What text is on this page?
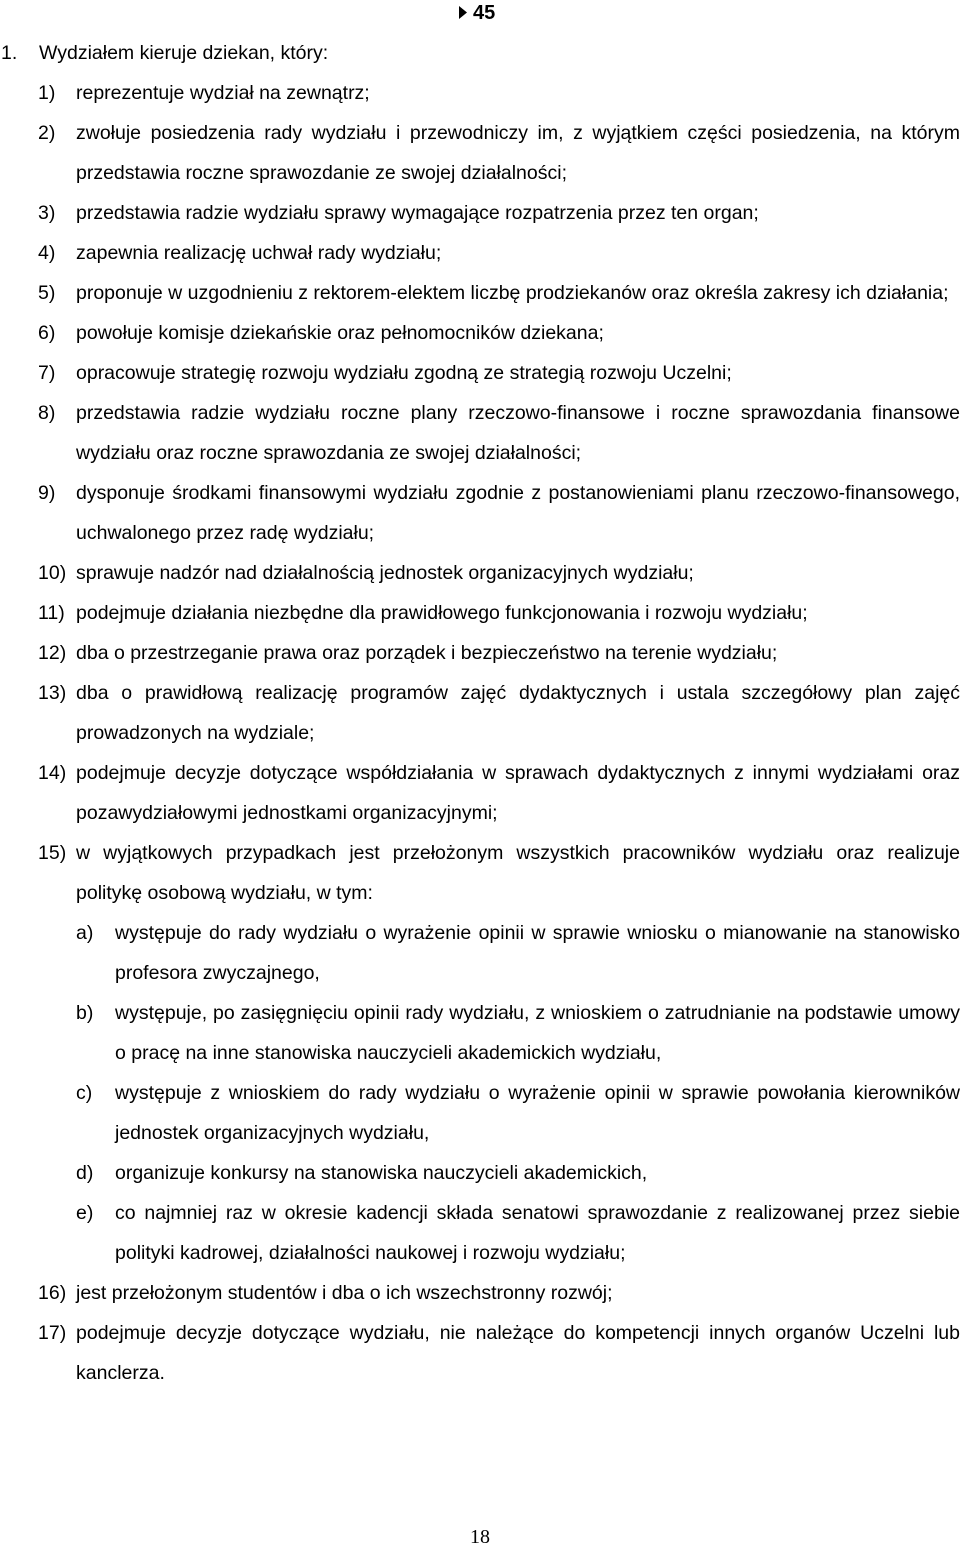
45
1. Wydziałem kieruje dziekan, który:
1) reprezentuje wydział na zewnątrz;
2) zwołuje posiedzenia rady wydziału i przewodniczy im, z wyjątkiem części posiedzenia, na którym przedstawia roczne sprawozdanie ze swojej działalności;
3) przedstawia radzie wydziału sprawy wymagające rozpatrzenia przez ten organ;
4) zapewnia realizację uchwał rady wydziału;
5) proponuje w uzgodnieniu z rektorem-elektem liczbę prodziekanów oraz określa zakresy ich działania;
6) powołuje komisje dziekańskie oraz pełnomocników dziekana;
7) opracowuje strategię rozwoju wydziału zgodną ze strategią rozwoju Uczelni;
8) przedstawia radzie wydziału roczne plany rzeczowo-finansowe i roczne sprawozdania finansowe wydziału oraz roczne sprawozdania ze swojej działalności;
9) dysponuje środkami finansowymi wydziału zgodnie z postanowieniami planu rzeczowo-finansowego, uchwalonego przez radę wydziału;
10) sprawuje nadzór nad działalnością jednostek organizacyjnych wydziału;
11) podejmuje działania niezbędne dla prawidłowego funkcjonowania i rozwoju wydziału;
12) dba o przestrzeganie prawa oraz porządek i bezpieczeństwo na terenie wydziału;
13) dba o prawidłową realizację programów zajęć dydaktycznych i ustala szczegółowy plan zajęć prowadzonych na wydziale;
14) podejmuje decyzje dotyczące współdziałania w sprawach dydaktycznych z innymi wydziałami oraz pozawydziałowymi jednostkami organizacyjnymi;
15) w wyjątkowych przypadkach jest przełożonym wszystkich pracowników wydziału oraz realizuje politykę osobową wydziału, w tym:
a) występuje do rady wydziału o wyrażenie opinii w sprawie wniosku o mianowanie na stanowisko profesora zwyczajnego,
b) występuje, po zasięgnięciu opinii rady wydziału, z wnioskiem o zatrudnianie na podstawie umowy o pracę na inne stanowiska nauczycieli akademickich wydziału,
c) występuje z wnioskiem do rady wydziału o wyrażenie opinii w sprawie powołania kierowników jednostek organizacyjnych wydziału,
d) organizuje konkursy na stanowiska nauczycieli akademickich,
e) co najmniej raz w okresie kadencji składa senatowi sprawozdanie z realizowanej przez siebie polityki kadrowej, działalności naukowej i rozwoju wydziału;
16) jest przełożonym studentów i dba o ich wszechstronny rozwój;
17) podejmuje decyzje dotyczące wydziału, nie należące do kompetencji innych organów Uczelni lub kanclerza.
18
